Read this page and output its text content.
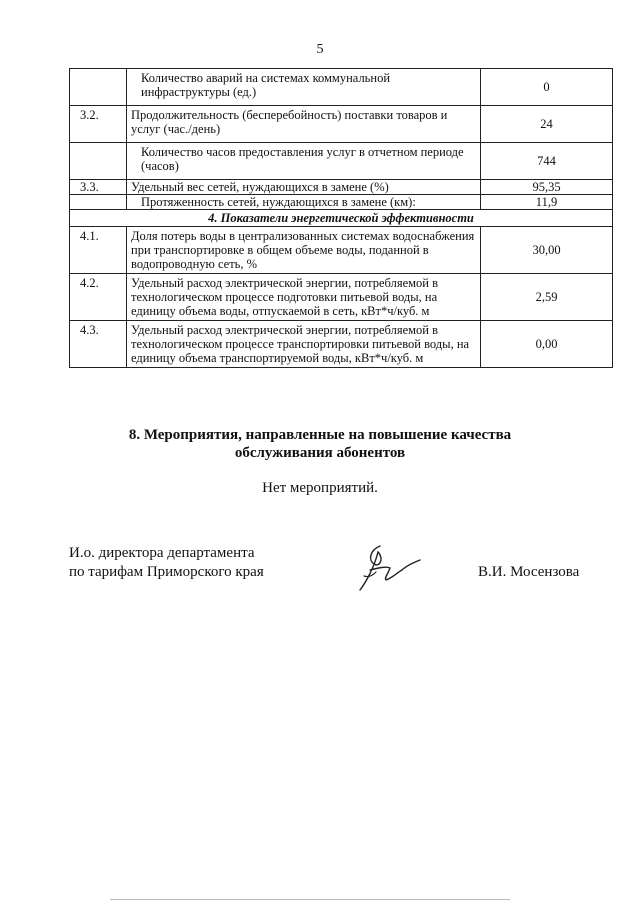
5
	Количество аварий на системах коммунальной инфраструктуры (ед.)	0
3.2.	Продолжительность (бесперебойность) поставки товаров и услуг (час./день)	24
	Количество часов предоставления услуг в отчетном периоде (часов)	744
3.3.	Удельный вес сетей, нуждающихся в замене (%)	95,35
	Протяженность сетей, нуждающихся в замене (км):	11,9
4. Показатели энергетической эффективности		
4.1.	Доля потерь воды в централизованных системах водоснабжения при транспортировке в общем объеме воды, поданной в водопроводную сеть, %	30,00
4.2.	Удельный расход электрической энергии, потребляемой в технологическом процессе подготовки питьевой воды, на единицу объема воды, отпускаемой в сеть, кВт*ч/куб. м	2,59
4.3.	Удельный расход электрической энергии, потребляемой в технологическом процессе транспортировки питьевой воды, на единицу объема транспортируемой воды, кВт*ч/куб. м	0,00
8. Мероприятия, направленные на повышение качества
обслуживания абонентов
Нет мероприятий.
И.о. директора департамента
по тарифам Приморского края	В.И. Мосензова
